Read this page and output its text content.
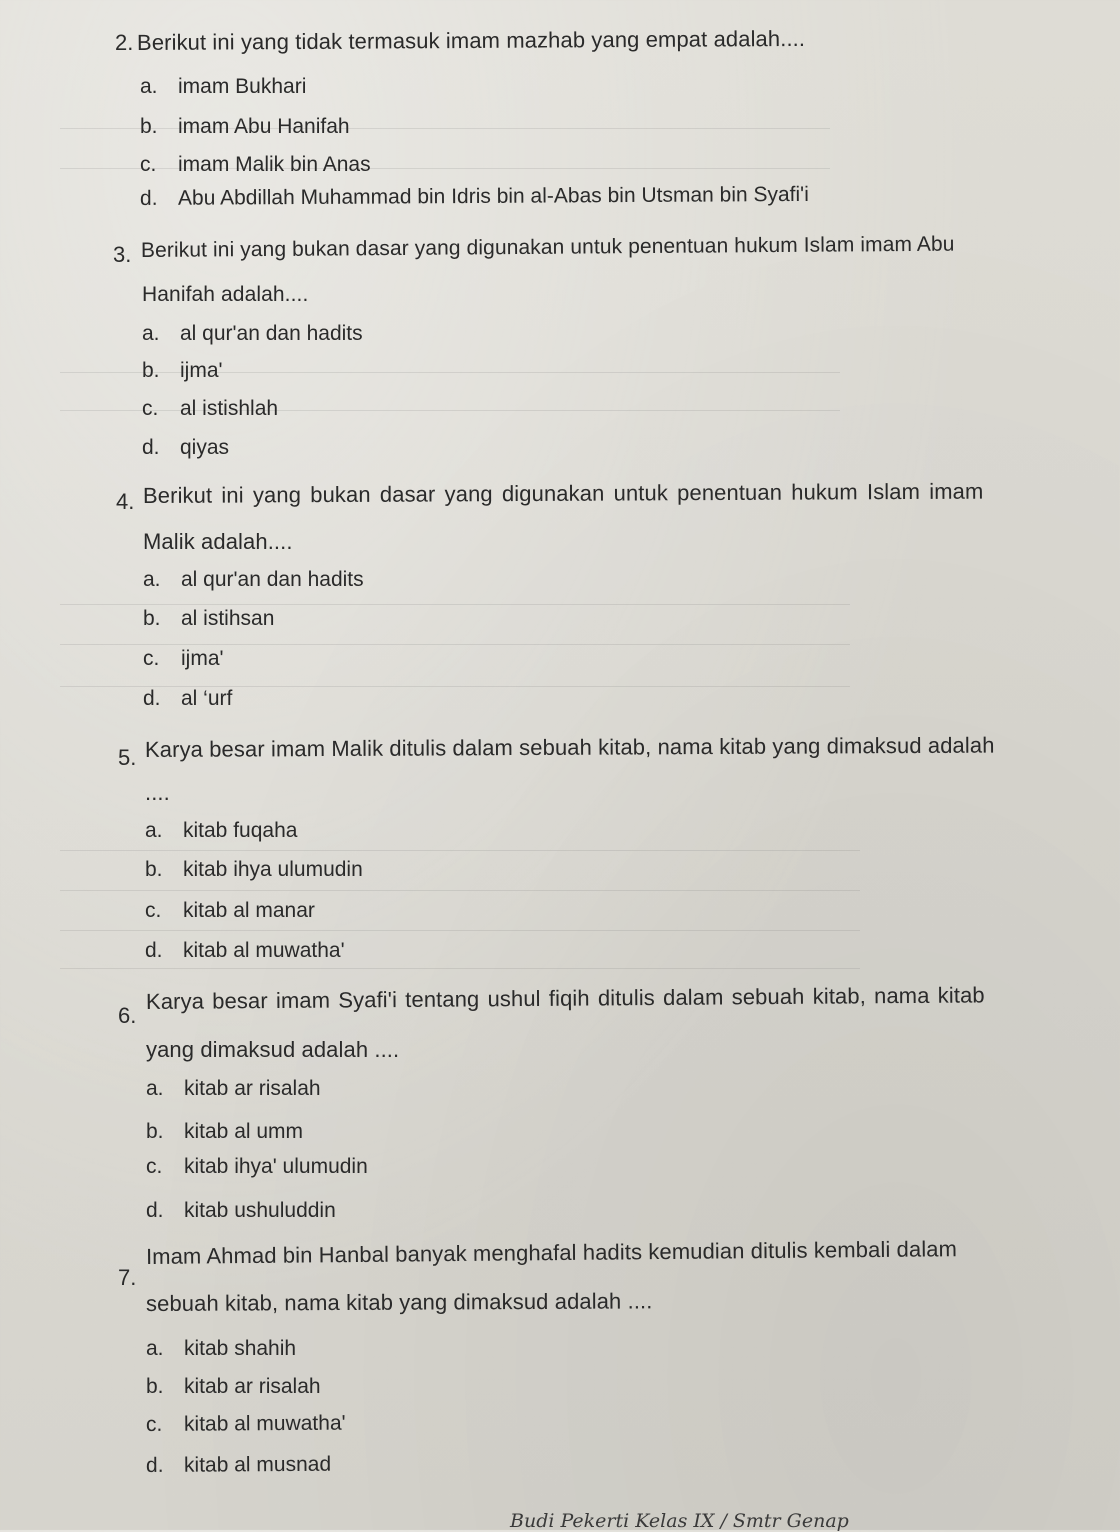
2. Berikut ini yang tidak termasuk imam mazhab yang empat adalah....
a. imam Bukhari
b. imam Abu Hanifah
c. imam Malik bin Anas
d. Abu Abdillah Muhammad bin Idris bin al-Abas bin Utsman bin Syafi'i
3. Berikut ini yang bukan dasar yang digunakan untuk penentuan hukum Islam imam Abu
Hanifah adalah....
a. al qur'an dan hadits
b. ijma'
c. al istishlah
d. qiyas
4. Berikut ini yang bukan dasar yang digunakan untuk penentuan hukum Islam imam
Malik adalah....
a. al qur'an dan hadits
b. al istihsan
c. ijma'
d. al ‘urf
5. Karya besar imam Malik ditulis dalam sebuah kitab, nama kitab yang dimaksud adalah
....
a. kitab fuqaha
b. kitab ihya ulumudin
c. kitab al manar
d. kitab al muwatha'
6.
Karya besar imam Syafi'i tentang ushul fiqih ditulis dalam sebuah kitab, nama kitab
yang dimaksud adalah ....
a. kitab ar risalah
b. kitab al umm
c. kitab ihya' ulumudin
d. kitab ushuluddin
7.
Imam Ahmad bin Hanbal banyak menghafal hadits kemudian ditulis kembali dalam
sebuah kitab, nama kitab yang dimaksud adalah ....
a. kitab shahih
b. kitab ar risalah
c. kitab al muwatha'
d. kitab al musnad
Budi Pekerti Kelas IX / Smtr Genap
